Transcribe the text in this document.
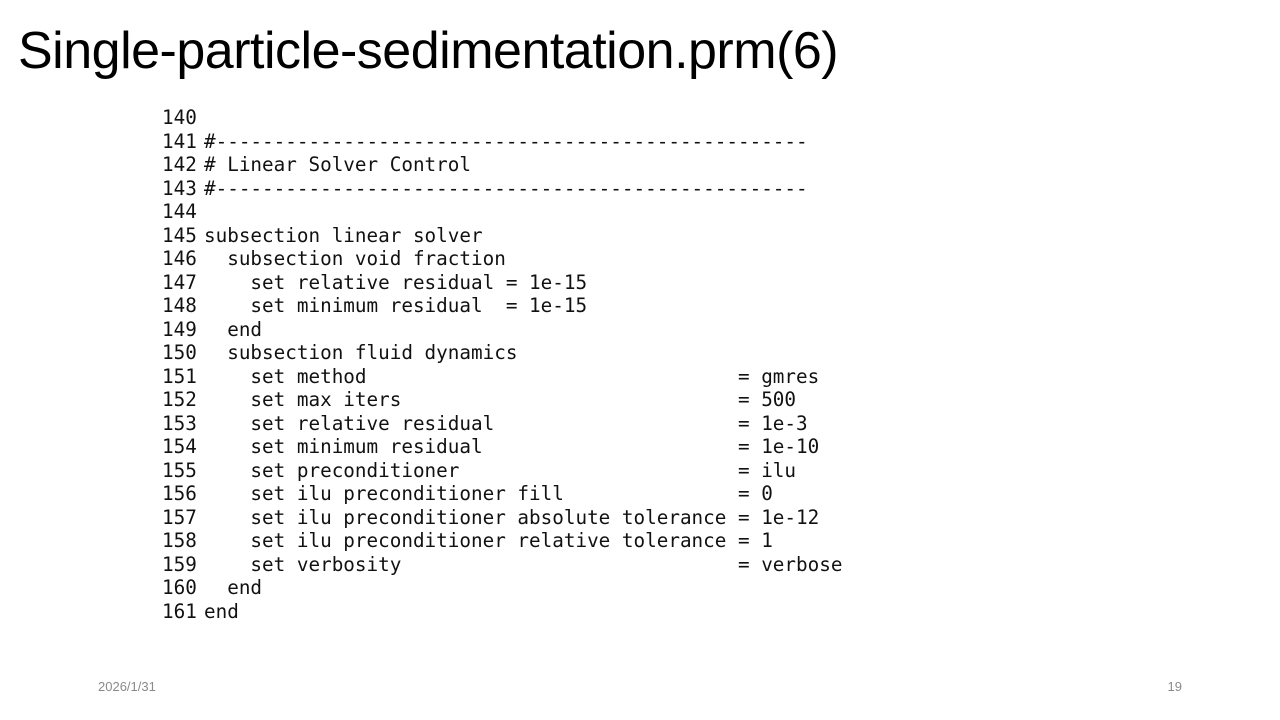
Single-particle-sedimentation.prm(6)
140
141 #---------------------------------------------------
142 # Linear Solver Control
143 #---------------------------------------------------
144
145 subsection linear solver
146 subsection void fraction
147 set relative residual = 1e-15
148 set minimum residual  = 1e-15
149 end
150 subsection fluid dynamics
151 set method                                = gmres
152 set max iters                             = 500
153 set relative residual                     = 1e-3
154 set minimum residual                      = 1e-10
155 set preconditioner                        = ilu
156 set ilu preconditioner fill               = 0
157 set ilu preconditioner absolute tolerance = 1e-12
158 set ilu preconditioner relative tolerance = 1
159 set verbosity                             = verbose
160 end
161 end
2026/1/31	19
